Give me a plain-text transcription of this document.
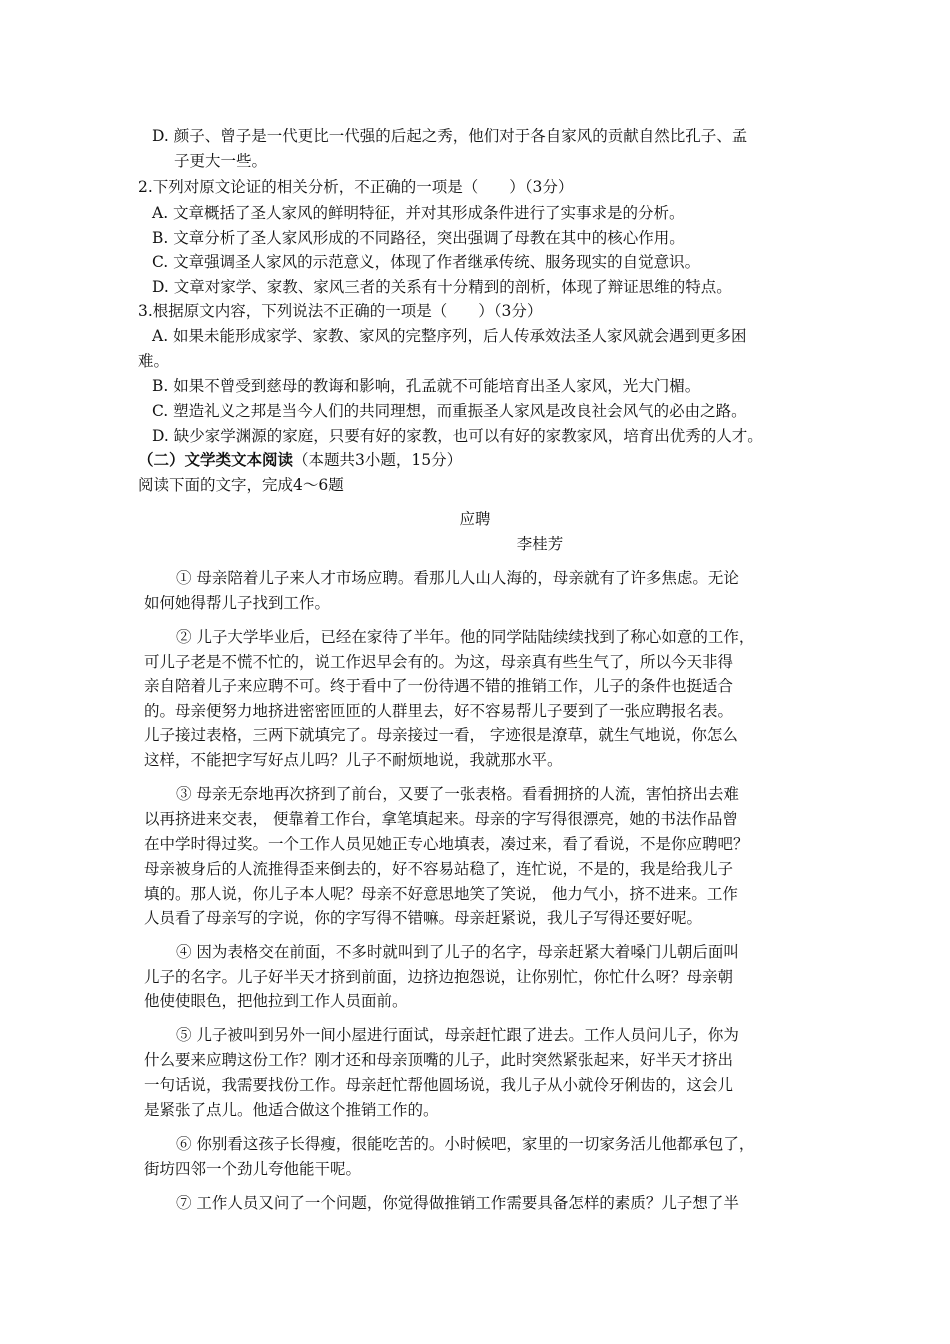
D. 颜子、曾子是一代更比一代强的后起之秀，他们对于各自家风的贡献自然比孔子、孟
子更大一些。
2.下列对原文论证的相关分析，不正确的一项是（　　）（3分）
A. 文章概括了圣人家风的鲜明特征，并对其形成条件进行了实事求是的分析。
B. 文章分析了圣人家风形成的不同路径，突出强调了母教在其中的核心作用。
C. 文章强调圣人家风的示范意义，体现了作者继承传统、服务现实的自觉意识。
D. 文章对家学、家教、家风三者的关系有十分精到的剖析，体现了辩证思维的特点。
3.根据原文内容，下列说法不正确的一项是（　　）（3分）
A. 如果未能形成家学、家教、家风的完整序列，后人传承效法圣人家风就会遇到更多困
难。
B. 如果不曾受到慈母的教诲和影响，孔孟就不可能培育出圣人家风，光大门楣。
C. 塑造礼义之邦是当今人们的共同理想，而重振圣人家风是改良社会风气的必由之路。
D. 缺少家学渊源的家庭，只要有好的家教，也可以有好的家教家风，培育出优秀的人才。
（二）文学类文本阅读（本题共3小题，15分）
阅读下面的文字，完成4～6题
应聘
李桂芳
① 母亲陪着儿子来人才市场应聘。看那儿人山人海的，母亲就有了许多焦虑。无论
如何她得帮儿子找到工作。
② 儿子大学毕业后，已经在家待了半年。他的同学陆陆续续找到了称心如意的工作，
可儿子老是不慌不忙的，说工作迟早会有的。为这，母亲真有些生气了，所以今天非得
亲自陪着儿子来应聘不可。终于看中了一份待遇不错的推销工作，儿子的条件也挺适合
的。母亲便努力地挤进密密匝匝的人群里去，好不容易帮儿子要到了一张应聘报名表。
儿子接过表格，三两下就填完了。母亲接过一看， 字迹很是潦草，就生气地说，你怎么
这样，不能把字写好点儿吗？儿子不耐烦地说，我就那水平。
③ 母亲无奈地再次挤到了前台，又要了一张表格。看看拥挤的人流，害怕挤出去难
以再挤进来交表， 便靠着工作台，拿笔填起来。母亲的字写得很漂亮，她的书法作品曾
在中学时得过奖。一个工作人员见她正专心地填表，凑过来，看了看说，不是你应聘吧？
母亲被身后的人流推得歪来倒去的，好不容易站稳了，连忙说，不是的，我是给我儿子
填的。那人说，你儿子本人呢？母亲不好意思地笑了笑说， 他力气小，挤不进来。工作
人员看了母亲写的字说，你的字写得不错嘛。母亲赶紧说，我儿子写得还要好呢。
④ 因为表格交在前面，不多时就叫到了儿子的名字，母亲赶紧大着嗓门儿朝后面叫
儿子的名字。儿子好半天才挤到前面，边挤边抱怨说，让你别忙，你忙什么呀？母亲朝
他使使眼色，把他拉到工作人员面前。
⑤ 儿子被叫到另外一间小屋进行面试，母亲赶忙跟了进去。工作人员问儿子，你为
什么要来应聘这份工作？刚才还和母亲顶嘴的儿子，此时突然紧张起来，好半天才挤出
一句话说，我需要找份工作。母亲赶忙帮他圆场说，我儿子从小就伶牙俐齿的，这会儿
是紧张了点儿。他适合做这个推销工作的。
⑥ 你别看这孩子长得瘦，很能吃苦的。小时候吧，家里的一切家务活儿他都承包了，
街坊四邻一个劲儿夸他能干呢。
⑦ 工作人员又问了一个问题，你觉得做推销工作需要具备怎样的素质？儿子想了半
